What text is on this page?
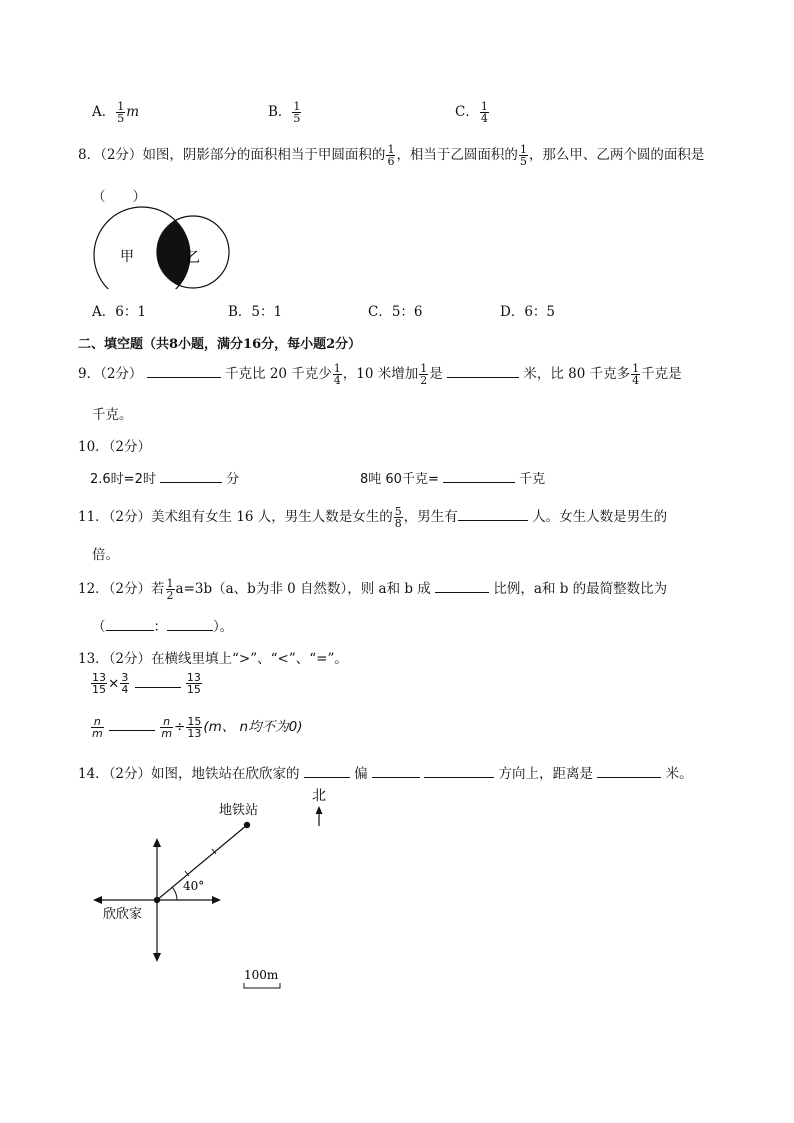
A． $\frac{1}{5}$ m	B． $\frac{1}{5}$	C． $\frac{1}{4}$
8．（2分）如图，阴影部分的面积相当于甲圆面积的 $\frac{1}{6}$ ，相当于乙圆面积的 $\frac{1}{5}$ ，那么甲、乙两个圆的面积是
（　　）
甲	乙
A．6：1	B．5：1	C．5：6	D．6：5
二、填空题（共8小题，满分16分，每小题2分）
9．（2分）	千克比 20 千克少 $\frac{1}{4}$ ，10 米增加 $\frac{1}{2}$ 是	米，比 80 千克多 $\frac{1}{4}$ 千克是
千克。
10．（2分）
2.6时=2时	分	8吨 60千克=	千克
11．（2分）美术组有女生 16 人，男生人数是女生的 $\frac{5}{8}$ ，男生有	人。女生人数是男生的
倍。
12．（2分）若 $\frac{1}{2} a=3b(a$、b为非 0 自然数），则 a和 b 成	比例，a和 b 的最简整数比为
（	：	）。
13．（2分）在横线里填上“>”、“<”、“=”。
$\frac{13}{15} \times \frac{3}{4}$
	$\frac{13}{15}$
$\frac{n}{m}$
	$\frac{n}{m} \div \frac{15}{13} (m$、 n均不为0)
14．（2分）如图，地铁站在欣欣家的	偏	方向上，距离是	米。
北
40°
地铁站
欣欣家
100m
